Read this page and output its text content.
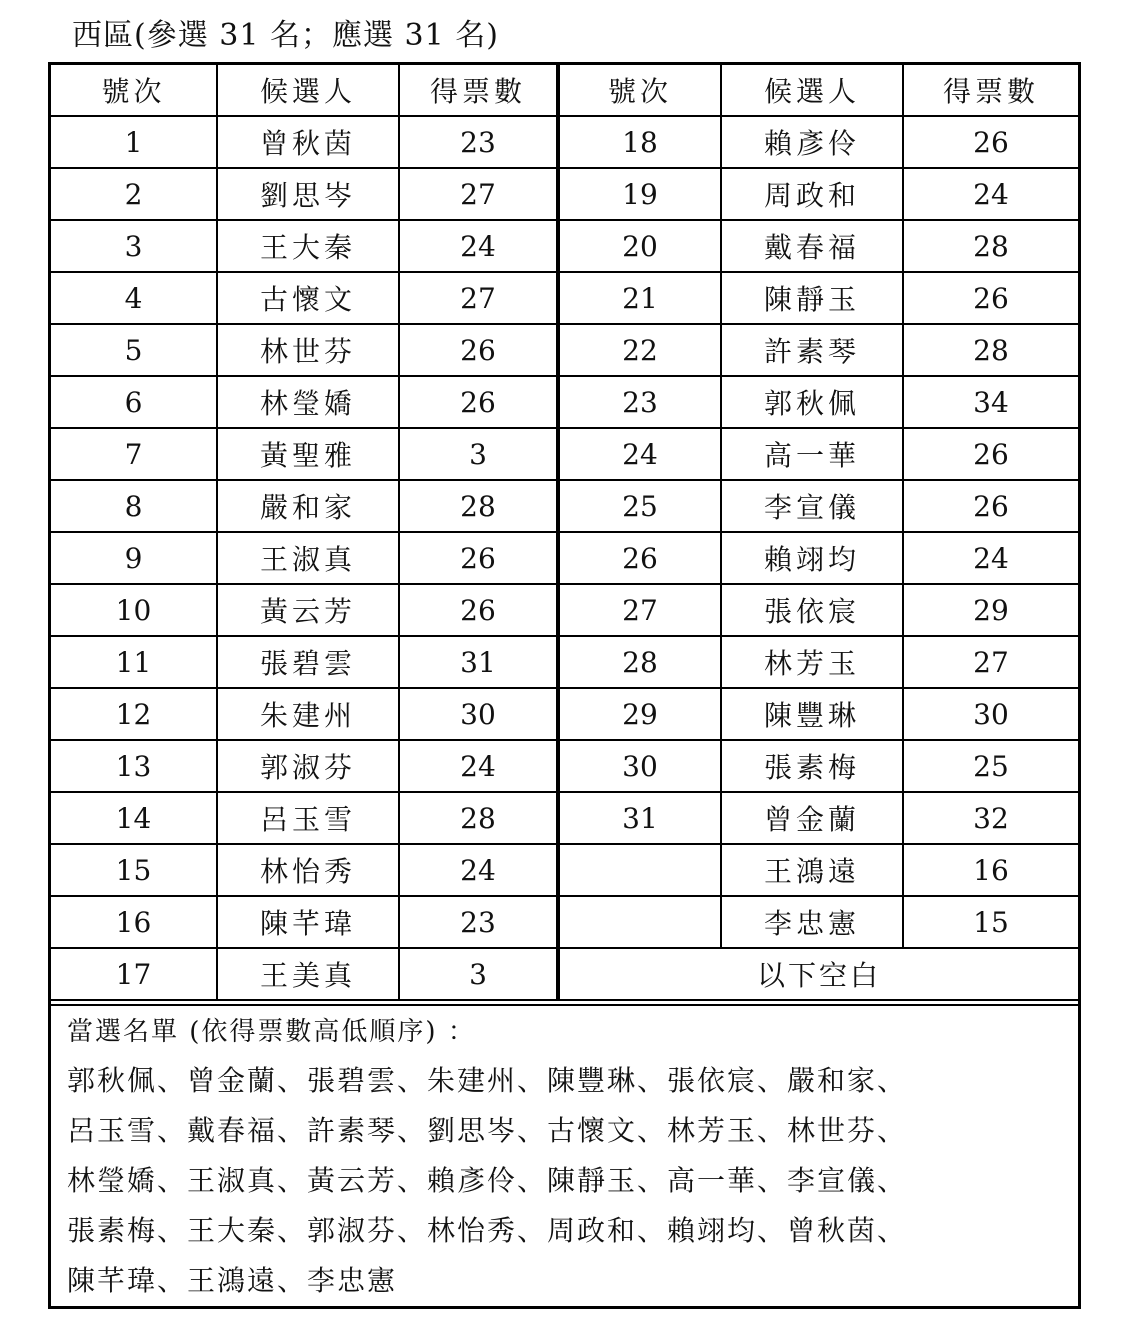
西區(參選 31 名；應選 31 名)
號次	候選人	得票數	號次	候選人	得票數
1	曾秋茵	23	18	賴彥伶	26
2	劉思岑	27	19	周政和	24
3	王大秦	24	20	戴春福	28
4	古懷文	27	21	陳靜玉	26
5	林世芬	26	22	許素琴	28
6	林瑩嬌	26	23	郭秋佩	34
7	黃聖雅	3	24	高一華	26
8	嚴和家	28	25	李宣儀	26
9	王淑真	26	26	賴翊均	24
10	黃云芳	26	27	張依宸	29
11	張碧雲	31	28	林芳玉	27
12	朱建州	30	29	陳豐琳	30
13	郭淑芬	24	30	張素梅	25
14	呂玉雪	28	31	曾金蘭	32
15	林怡秀	24		王鴻遠	16
16	陳芊瑋	23		李忠憲	15
17	王美真	3	以下空白		
當選名單 (依得票數高低順序) ：
郭秋佩、曾金蘭、張碧雲、朱建州、陳豐琳、張依宸、嚴和家、
呂玉雪、戴春福、許素琴、劉思岑、古懷文、林芳玉、林世芬、
林瑩嬌、王淑真、黃云芳、賴彥伶、陳靜玉、高一華、李宣儀、
張素梅、王大秦、郭淑芬、林怡秀、周政和、賴翊均、曾秋茵、
陳芊瑋、王鴻遠、李忠憲
